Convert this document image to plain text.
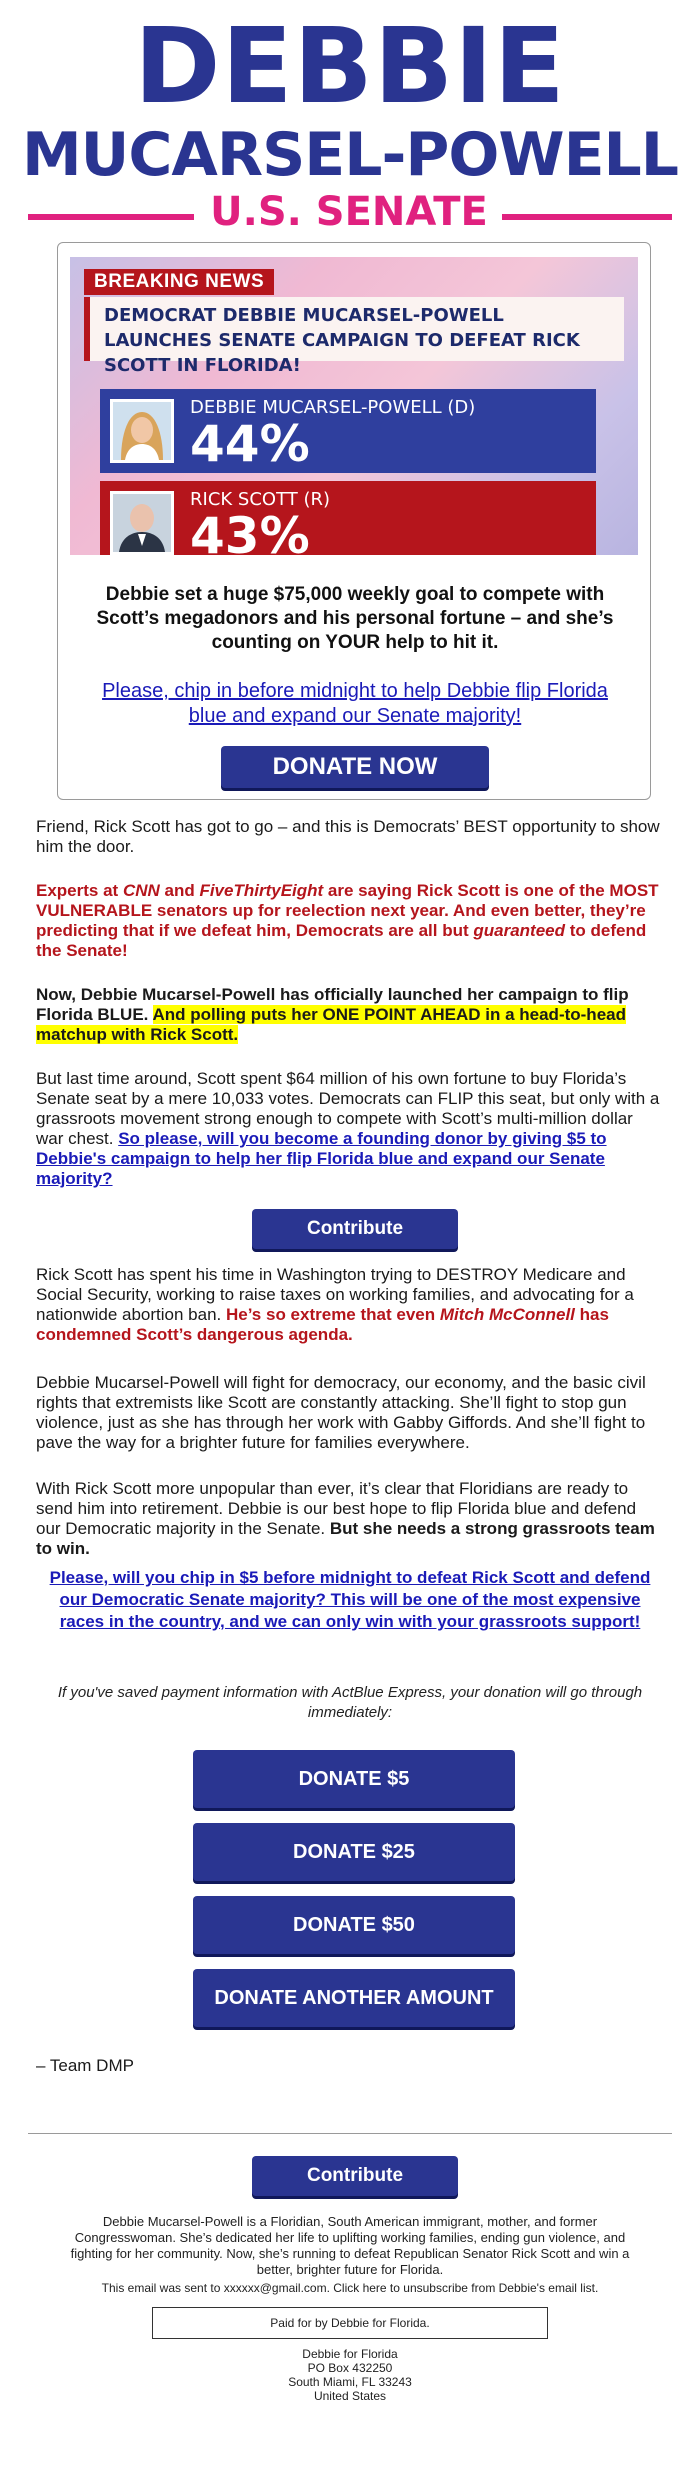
DEBBIE
MUCARSEL-POWELL
U.S. SENATE
BREAKING NEWS
DEMOCRAT DEBBIE MUCARSEL-POWELL LAUNCHES SENATE CAMPAIGN TO DEFEAT RICK SCOTT IN FLORIDA!
DEBBIE MUCARSEL-POWELL (D)
44%
RICK SCOTT (R)
43%
Debbie set a huge $75,000 weekly goal to compete with Scott’s megadonors and his personal fortune – and she’s counting on YOUR help to hit it.
Please, chip in before midnight to help Debbie flip Florida blue and expand our Senate majority!
DONATE NOW
Friend, Rick Scott has got to go – and this is Democrats’ BEST opportunity to show him the door.
Experts at CNN and FiveThirtyEight are saying Rick Scott is one of the MOST VULNERABLE senators up for reelection next year. And even better, they’re predicting that if we defeat him, Democrats are all but guaranteed to defend the Senate!
Now, Debbie Mucarsel-Powell has officially launched her campaign to flip Florida BLUE. And polling puts her ONE POINT AHEAD in a head-to-head matchup with Rick Scott.
But last time around, Scott spent $64 million of his own fortune to buy Florida’s Senate seat by a mere 10,033 votes. Democrats can FLIP this seat, but only with a grassroots movement strong enough to compete with Scott’s multi-million dollar war chest. So please, will you become a founding donor by giving $5 to Debbie's campaign to help her flip Florida blue and expand our Senate majority?
Contribute
Rick Scott has spent his time in Washington trying to DESTROY Medicare and Social Security, working to raise taxes on working families, and advocating for a nationwide abortion ban. He’s so extreme that even Mitch McConnell has condemned Scott’s dangerous agenda.
Debbie Mucarsel-Powell will fight for democracy, our economy, and the basic civil rights that extremists like Scott are constantly attacking. She’ll fight to stop gun violence, just as she has through her work with Gabby Giffords. And she’ll fight to pave the way for a brighter future for families everywhere.
With Rick Scott more unpopular than ever, it’s clear that Floridians are ready to send him into retirement. Debbie is our best hope to flip Florida blue and defend our Democratic majority in the Senate. But she needs a strong grassroots team to win.
Please, will you chip in $5 before midnight to defeat Rick Scott and defend our Democratic Senate majority? This will be one of the most expensive races in the country, and we can only win with your grassroots support!
If you've saved payment information with ActBlue Express, your donation will go through immediately:
DONATE $5
DONATE $25
DONATE $50
DONATE ANOTHER AMOUNT
– Team DMP
Contribute
Debbie Mucarsel-Powell is a Floridian, South American immigrant, mother, and former Congresswoman. She’s dedicated her life to uplifting working families, ending gun violence, and fighting for her community. Now, she’s running to defeat Republican Senator Rick Scott and win a better, brighter future for Florida.
This email was sent to xxxxxx@gmail.com. Click here to unsubscribe from Debbie's email list.
Paid for by Debbie for Florida.
Debbie for Florida
PO Box 432250
South Miami, FL 33243
United States
